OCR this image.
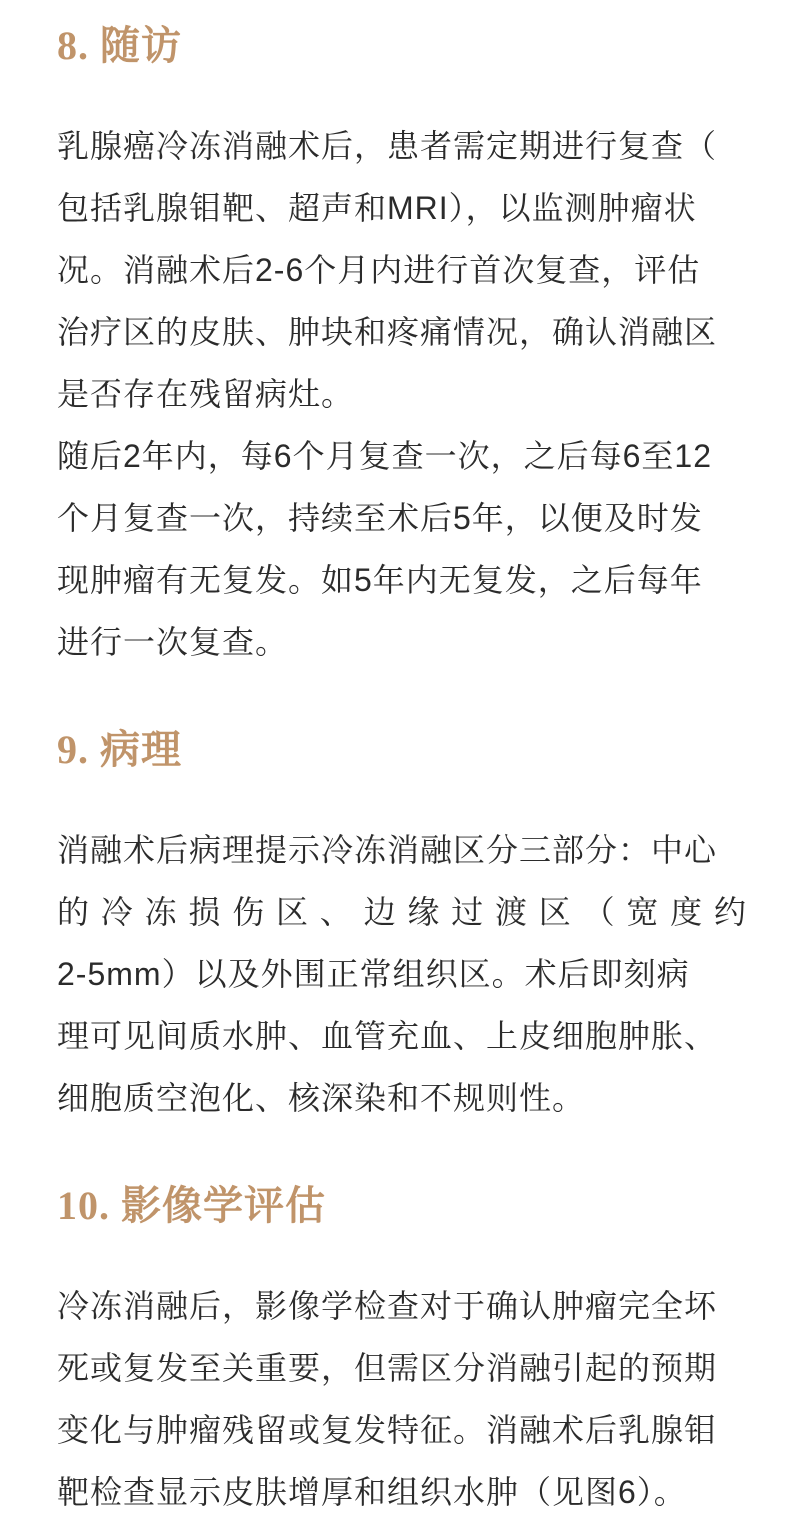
8. 随访
乳腺癌冷冻消融术后，患者需定期进行复查（
包括乳腺钼靶、超声和MRI），以监测肿瘤状
况。消融术后2-6个月内进行首次复查，评估
治疗区的皮肤、肿块和疼痛情况，确认消融区
是否存在残留病灶。
随后2年内，每6个月复查一次，之后每6至12
个月复查一次，持续至术后5年，以便及时发
现肿瘤有无复发。如5年内无复发，之后每年
进行一次复查。
9. 病理
消融术后病理提示冷冻消融区分三部分：中心
的冷冻损伤区、边缘过渡区（宽度约
2-5mm）以及外围正常组织区。术后即刻病
理可见间质水肿、血管充血、上皮细胞肿胀、
细胞质空泡化、核深染和不规则性。
10. 影像学评估
冷冻消融后，影像学检查对于确认肿瘤完全坏
死或复发至关重要，但需区分消融引起的预期
变化与肿瘤残留或复发特征。消融术后乳腺钼
靶检查显示皮肤增厚和组织水肿（见图6）。
